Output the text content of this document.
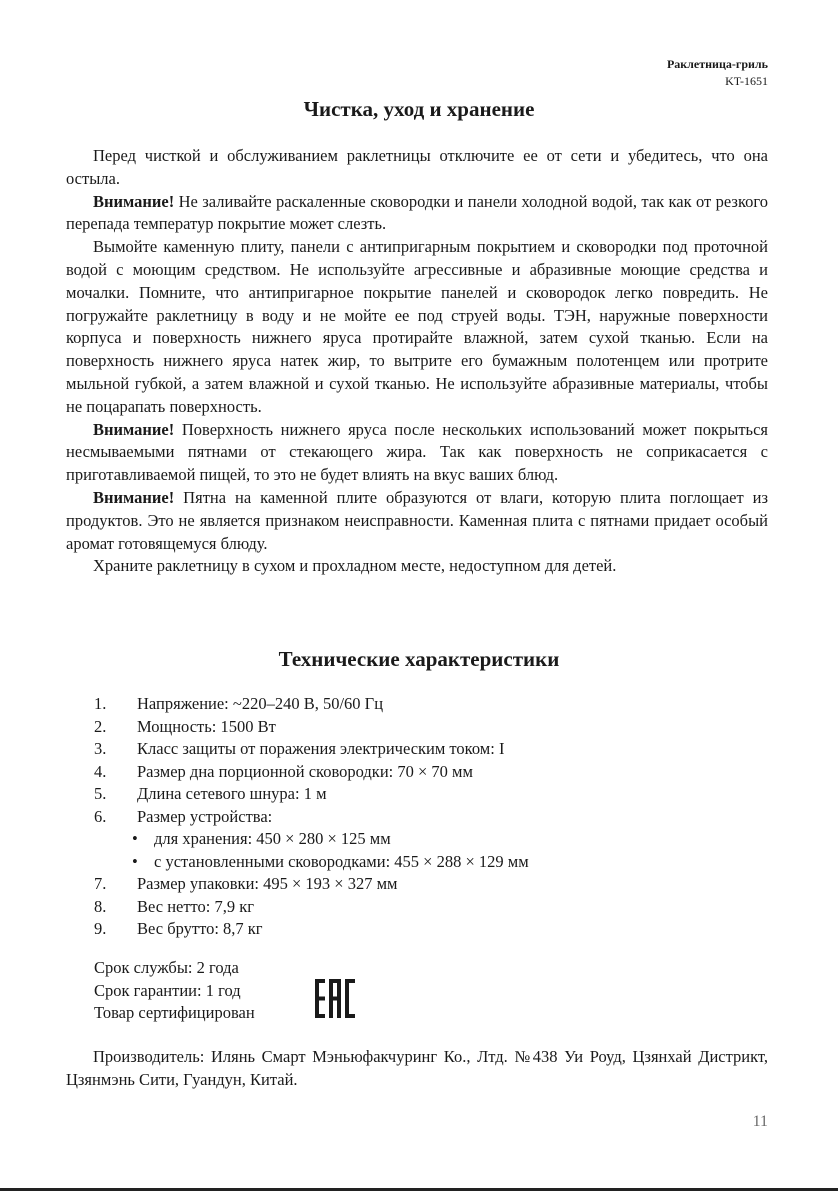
Раклетница-гриль
KT-1651
Чистка, уход и хранение

Перед чисткой и обслуживанием раклетницы отключите ее от сети и убедитесь, что она остыла.

Внимание! Не заливайте раскаленные сковородки и панели холодной водой, так как от резкого перепада температур покрытие может слезть.

Вымойте каменную плиту, панели с антипригарным покрытием и сковородки под проточной водой с моющим средством. Не используйте агрессивные и абразивные моющие средства и мочалки. Помните, что антипригарное покрытие панелей и сковородок легко повредить. Не погружайте раклетницу в воду и не мойте ее под струей воды. ТЭН, наружные поверхности корпуса и поверхность нижнего яруса протирайте влажной, затем сухой тканью. Если на поверхность нижнего яруса натек жир, то вытрите его бумажным полотенцем или протрите мыльной губкой, а затем влажной и сухой тканью. Не используйте абразивные материалы, чтобы не поцарапать поверхность.

Внимание! Поверхность нижнего яруса после нескольких использований может покрыться несмываемыми пятнами от стекающего жира. Так как поверхность не соприкасается с приготавливаемой пищей, то это не будет влиять на вкус ваших блюд.

Внимание! Пятна на каменной плите образуются от влаги, которую плита поглощает из продуктов. Это не является признаком неисправности. Каменная плита с пятнами придает особый аромат готовящемуся блюду.

Храните раклетницу в сухом и прохладном месте, недоступном для детей.

Технические характеристики
1. Напряжение: ~220–240 В, 50/60 Гц
2. Мощность: 1500 Вт
3. Класс защиты от поражения электрическим током: I
4. Размер дна порционной сковородки: 70 × 70 мм
5. Длина сетевого шнура: 1 м
6. Размер устройства:
• для хранения: 450 × 280 × 125 мм
• с установленными сковородками: 455 × 288 × 129 мм
7. Размер упаковки: 495 × 193 × 327 мм
8. Вес нетто: 7,9 кг
9. Вес брутто: 8,7 кг
Срок службы: 2 года
Срок гарантии: 1 год
Товар сертифицирован

Производитель: Илянь Смарт Мэньюфакчуринг Ко., Лтд. №438 Уи Роуд, Цзянхай Дистрикт, Цзянмэнь Сити, Гуандун, Китай.

11
